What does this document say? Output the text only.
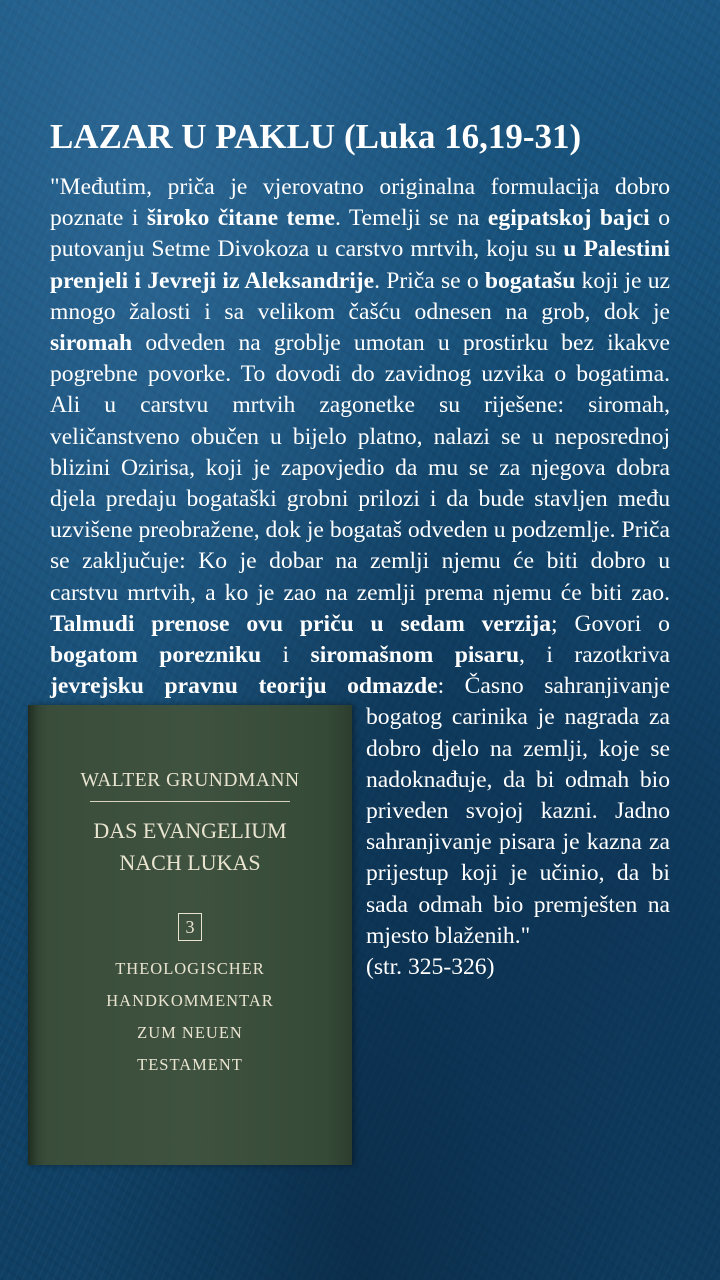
LAZAR U PAKLU (Luka 16,19-31)

"Međutim, priča je vjerovatno originalna formulacija dobro poznate i široko čitane teme. Temelji se na egipatskoj bajci o putovanju Setme Divokoza u carstvo mrtvih, koju su u Palestini prenjeli i Jevreji iz Aleksandrije. Priča se o bogatašu koji je uz mnogo žalosti i sa velikom čašću odnesen na grob, dok je siromah odveden na groblje umotan u prostirku bez ikakve pogrebne povorke. To dovodi do zavidnog uzvika o bogatima. Ali u carstvu mrtvih zagonetke su riješene: siromah, veličanstveno obučen u bijelo platno, nalazi se u neposrednoj blizini Ozirisa, koji je zapovjedio da mu se za njegova dobra djela predaju bogataški grobni prilozi i da bude stavljen među uzvišene preobražene, dok je bogataš odveden u podzemlje. Priča se zaključuje: Ko je dobar na zemlji njemu će biti dobro u carstvu mrtvih, a ko je zao na zemlji prema njemu će biti zao. Talmudi prenose ovu priču u sedam verzija; Govori o bogatom porezniku i siromašnom pisaru, i razotkriva jevrejsku pravnu teoriju odmazde: Časno sahranjivanje bogatog carinika
WALTER GRUNDMANN
DAS EVANGELIUM
NACH LUKAS
3
THEOLOGISCHER
HANDKOMMENTAR
ZUM NEUEN
TESTAMENT
je nagrada za dobro djelo na zemlji, koje se nadoknađuje, da bi odmah bio priveden svojoj kazni. Jadno sahranjivanje pisara je kazna za prijestup koji je učinio, da bi sada odmah bio premješten na mjesto blaženih."

(str. 325-326)
